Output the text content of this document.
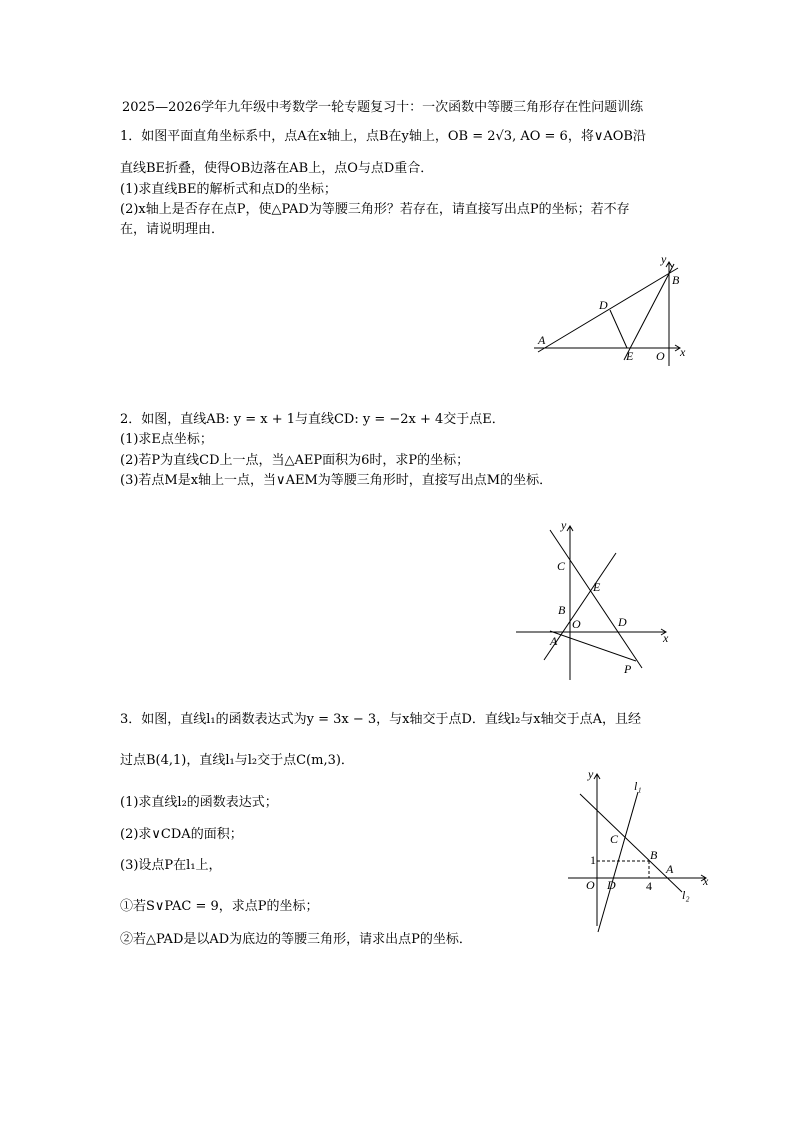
2025—2026学年九年级中考数学一轮专题复习十：一次函数中等腰三角形存在性问题训练
1．如图平面直角坐标系中，点A在x轴上，点B在y轴上，OB = 2√3, AO = 6，将∨AOB沿
直线BE折叠，使得OB边落在AB上，点O与点D重合．
(1)求直线BE的解析式和点D的坐标；
(2)x轴上是否存在点P，使△PAD为等腰三角形？若存在，请直接写出点P的坐标；若不存
在，请说明理由．
y
B
D
A
E O x
2．如图，直线AB: y = x + 1与直线CD: y = −2x + 4交于点E．
(1)求E点坐标；
(2)若P为直线CD上一点，当△AEP面积为6时，求P的坐标；
(3)若点M是x轴上一点，当∨AEM为等腰三角形时，直接写出点M的坐标．
y
C
E
B
O	D
A
P
x
3．如图，直线l₁的函数表达式为y = 3x − 3，与x轴交于点D．直线l₂与x轴交于点A，且经
过点B(4,1)，直线l₁与l₂交于点C(m,3)．
(1)求直线l₂的函数表达式；
(2)求∨CDA的面积；
(3)设点P在l₁上，
①若S∨PAC = 9，求点P的坐标；
②若△PAD是以AD为底边的等腰三角形，请求出点P的坐标．
y
l₁
C
B
A
1
O D	4	x
l₂
